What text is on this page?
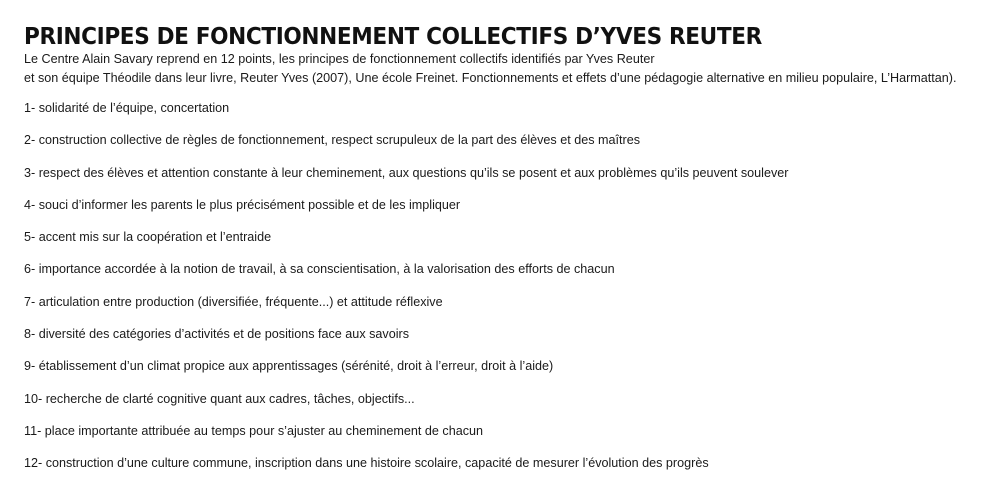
PRINCIPES DE FONCTIONNEMENT COLLECTIFS D’YVES REUTER
Le Centre Alain Savary reprend en 12 points, les principes de fonctionnement collectifs identifiés par Yves Reuter
et son équipe Théodile dans leur livre, Reuter Yves (2007), Une école Freinet. Fonctionnements et effets d’une pédagogie alternative en milieu populaire, L’Harmattan).
1- solidarité de l’équipe, concertation
2- construction collective de règles de fonctionnement, respect scrupuleux de la part des élèves et des maîtres
3- respect des élèves et attention constante à leur cheminement, aux questions qu’ils se posent et aux problèmes qu’ils peuvent soulever
4- souci d’informer les parents le plus précisément possible et de les impliquer
5- accent mis sur la coopération et l’entraide
6- importance accordée à la notion de travail, à sa conscientisation, à la valorisation des efforts de chacun
7- articulation entre production (diversifiée, fréquente...) et attitude réflexive
8- diversité des catégories d’activités et de positions face aux savoirs
9- établissement d’un climat propice aux apprentissages (sérénité, droit à l’erreur, droit à l’aide)
10- recherche de clarté cognitive quant aux cadres, tâches, objectifs...
11- place importante attribuée au temps pour s’ajuster au cheminement de chacun
12- construction d’une culture commune, inscription dans une histoire scolaire, capacité de mesurer l’évolution des progrès
